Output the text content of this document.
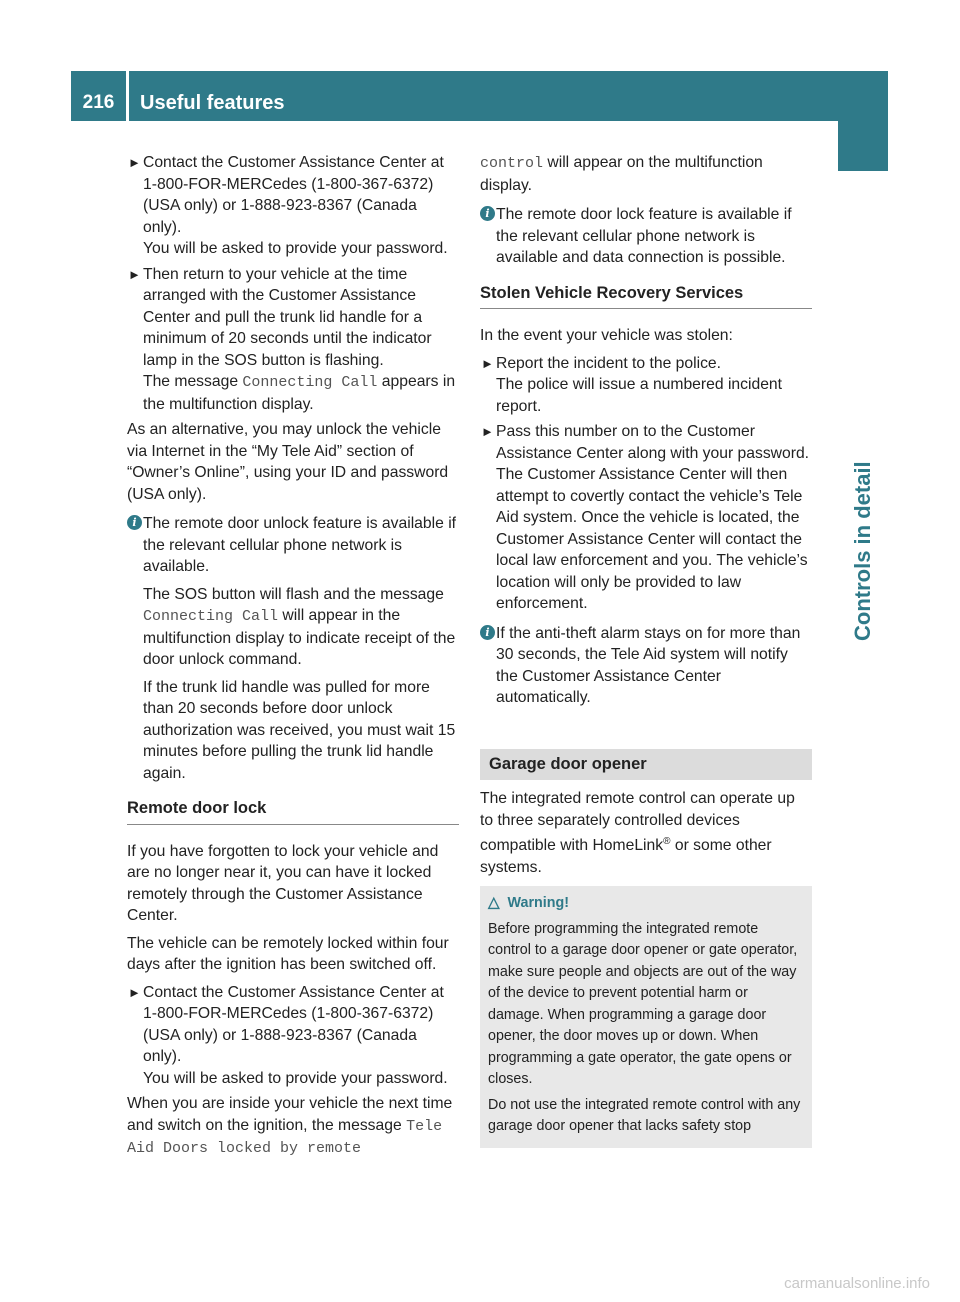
216	Useful features
Controls in detail
► Contact the Customer Assistance Center at 1-800-FOR-MERCedes (1-800-367-6372) (USA only) or 1-888-923-8367 (Canada only).
You will be asked to provide your password.
► Then return to your vehicle at the time arranged with the Customer Assistance Center and pull the trunk lid handle for a minimum of 20 seconds until the indicator lamp in the SOS button is flashing.
The message Connecting Call appears in the multifunction display.

As an alternative, you may unlock the vehicle via Internet in the “My Tele Aid” section of “Owner’s Online”, using your ID and password (USA only).

i The remote door unlock feature is available if the relevant cellular phone network is available.

The SOS button will flash and the message Connecting Call will appear in the multifunction display to indicate receipt of the door unlock command.

If the trunk lid handle was pulled for more than 20 seconds before door unlock authorization was received, you must wait 15 minutes before pulling the trunk lid handle again.

Remote door lock

If you have forgotten to lock your vehicle and are no longer near it, you can have it locked remotely through the Customer Assistance Center.

The vehicle can be remotely locked within four days after the ignition has been switched off.

► Contact the Customer Assistance Center at 1-800-FOR-MERCedes (1-800-367-6372) (USA only) or 1-888-923-8367 (Canada only).
You will be asked to provide your password.

When you are inside your vehicle the next time and switch on the ignition, the message Tele Aid Doors locked by remote

control will appear on the multifunction display.

i The remote door lock feature is available if the relevant cellular phone network is available and data connection is possible.

Stolen Vehicle Recovery Services

In the event your vehicle was stolen:

► Report the incident to the police.
The police will issue a numbered incident report.
► Pass this number on to the Customer Assistance Center along with your password.
The Customer Assistance Center will then attempt to covertly contact the vehicle’s Tele Aid system. Once the vehicle is located, the Customer Assistance Center will contact the local law enforcement and you. The vehicle’s location will only be provided to law enforcement.
i If the anti-theft alarm stays on for more than 30 seconds, the Tele Aid system will notify the Customer Assistance Center automatically.

Garage door opener

The integrated remote control can operate up to three separately controlled devices compatible with HomeLink® or some other systems.

△ Warning!

Before programming the integrated remote control to a garage door opener or gate operator, make sure people and objects are out of the way of the device to prevent potential harm or damage. When programming a garage door opener, the door moves up or down. When programming a gate operator, the gate opens or closes.

Do not use the integrated remote control with any garage door opener that lacks safety stop

carmanualsonline.info
